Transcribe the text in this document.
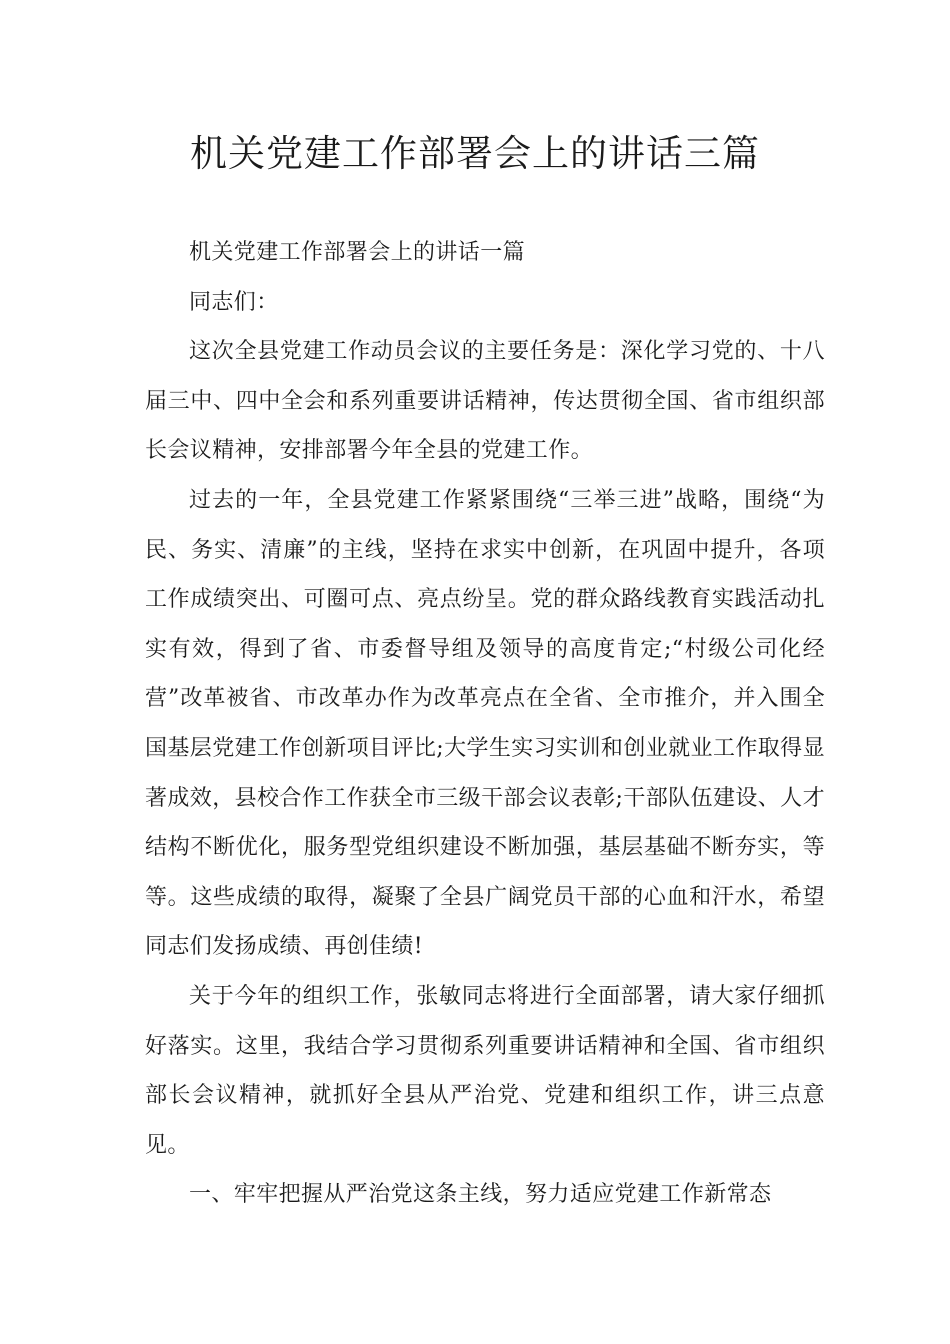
机关党建工作部署会上的讲话三篇

机关党建工作部署会上的讲话一篇

同志们：

这次全县党建工作动员会议的主要任务是：深化学习党的、十八届三中、四中全会和系列重要讲话精神，传达贯彻全国、省市组织部长会议精神，安排部署今年全县的党建工作。

过去的一年，全县党建工作紧紧围绕“三举三进”战略，围绕“为民、务实、清廉”的主线，坚持在求实中创新，在巩固中提升，各项工作成绩突出、可圈可点、亮点纷呈。党的群众路线教育实践活动扎实有效，得到了省、市委督导组及领导的高度肯定;“村级公司化经营”改革被省、市改革办作为改革亮点在全省、全市推介，并入围全国基层党建工作创新项目评比;大学生实习实训和创业就业工作取得显著成效，县校合作工作获全市三级干部会议表彰;干部队伍建设、人才结构不断优化，服务型党组织建设不断加强，基层基础不断夯实，等等。这些成绩的取得，凝聚了全县广阔党员干部的心血和汗水，希望同志们发扬成绩、再创佳绩!

关于今年的组织工作，张敏同志将进行全面部署，请大家仔细抓好落实。这里，我结合学习贯彻系列重要讲话精神和全国、省市组织部长会议精神，就抓好全县从严治党、党建和组织工作，讲三点意见。

一、牢牢把握从严治党这条主线，努力适应党建工作新常态
